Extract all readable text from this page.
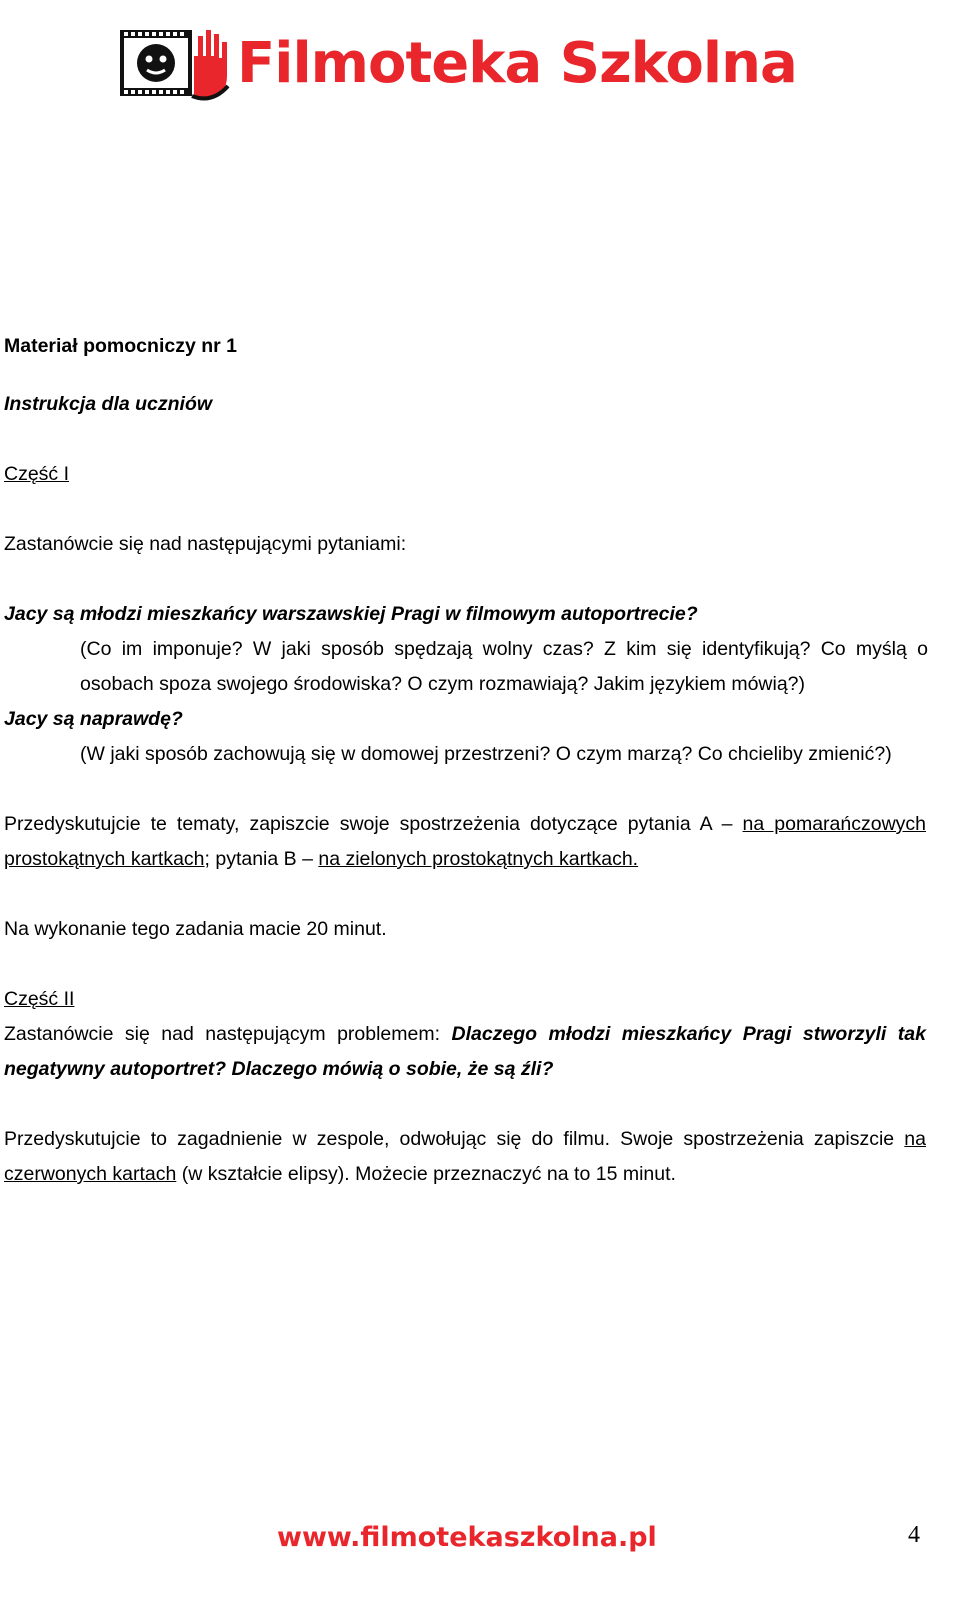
Filmoteka Szkolna
Materiał pomocniczy nr 1
Instrukcja dla uczniów
Część I
Zastanówcie się nad następującymi pytaniami:
Jacy są młodzi mieszkańcy warszawskiej Pragi w filmowym autoportrecie?
(Co im imponuje? W jaki sposób spędzają wolny czas? Z kim się identyfikują? Co myślą o
osobach spoza swojego środowiska? O czym rozmawiają? Jakim językiem mówią?)
Jacy są naprawdę?
(W jaki sposób zachowują się w domowej przestrzeni? O czym marzą? Co chcieliby zmienić?)
Przedyskutujcie te tematy, zapiszcie swoje spostrzeżenia dotyczące pytania A – na pomarańczowych
prostokątnych kartkach; pytania B – na zielonych prostokątnych kartkach.
Na wykonanie tego zadania macie 20 minut.
Część II
Zastanówcie się nad następującym problemem: Dlaczego młodzi mieszkańcy Pragi stworzyli tak
negatywny autoportret? Dlaczego mówią o sobie, że są źli?
Przedyskutujcie to zagadnienie w zespole, odwołując się do filmu. Swoje spostrzeżenia zapiszcie na
czerwonych kartach (w kształcie elipsy). Możecie przeznaczyć na to 15 minut.
www.filmotekaszkolna.pl	4
